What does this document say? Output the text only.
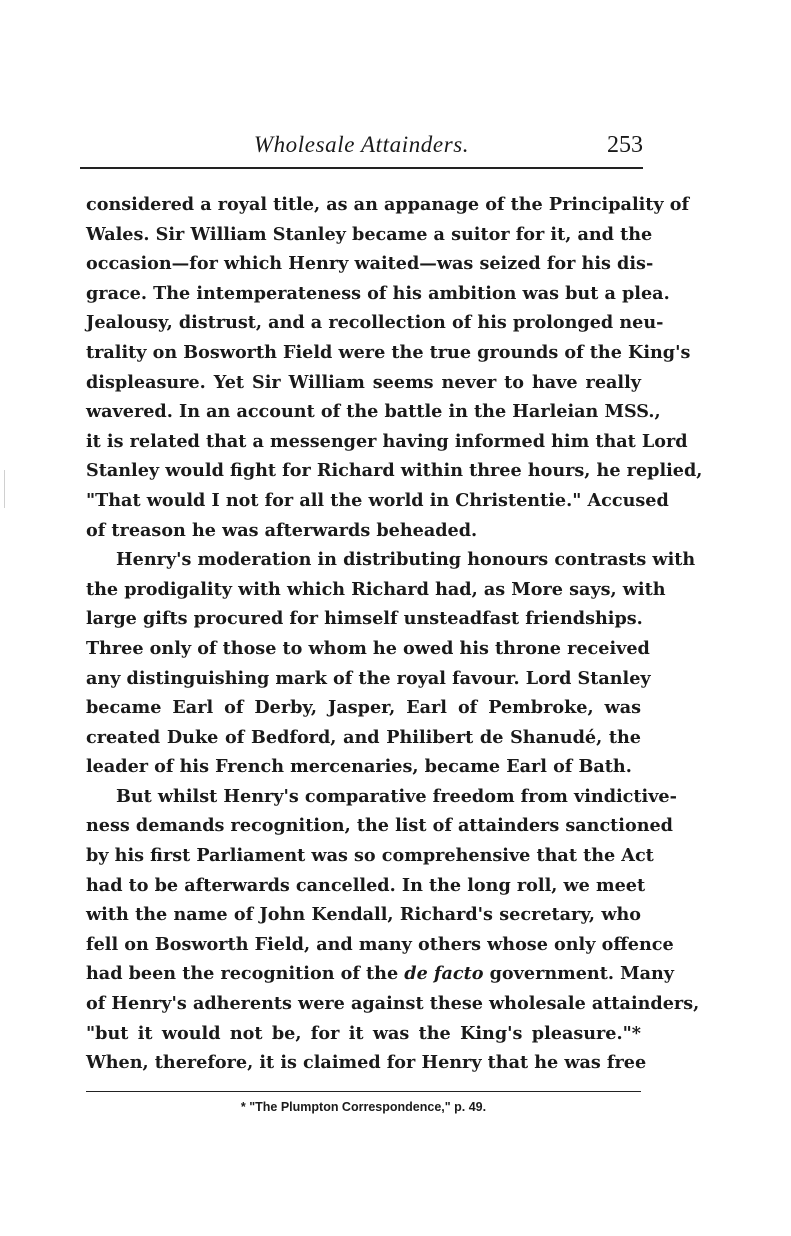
Wholesale Attainders.	253
considered a royal title, as an appanage of the Principality of
Wales. Sir William Stanley became a suitor for it, and the
occasion—for which Henry waited—was seized for his dis-
grace. The intemperateness of his ambition was but a plea.
Jealousy, distrust, and a recollection of his prolonged neu-
trality on Bosworth Field were the true grounds of the King's
displeasure. Yet Sir William seems never to have really
wavered. In an account of the battle in the Harleian MSS.,
it is related that a messenger having informed him that Lord
Stanley would fight for Richard within three hours, he replied,
"That would I not for all the world in Christentie." Accused
of treason he was afterwards beheaded.
Henry's moderation in distributing honours contrasts with
the prodigality with which Richard had, as More says, with
large gifts procured for himself unsteadfast friendships.
Three only of those to whom he owed his throne received
any distinguishing mark of the royal favour. Lord Stanley
became Earl of Derby, Jasper, Earl of Pembroke, was
created Duke of Bedford, and Philibert de Shanudé, the
leader of his French mercenaries, became Earl of Bath.
But whilst Henry's comparative freedom from vindictive-
ness demands recognition, the list of attainders sanctioned
by his first Parliament was so comprehensive that the Act
had to be afterwards cancelled. In the long roll, we meet
with the name of John Kendall, Richard's secretary, who
fell on Bosworth Field, and many others whose only offence
had been the recognition of the de facto government. Many
of Henry's adherents were against these wholesale attainders,
"but it would not be, for it was the King's pleasure."*
When, therefore, it is claimed for Henry that he was free
* "The Plumpton Correspondence," p. 49.
